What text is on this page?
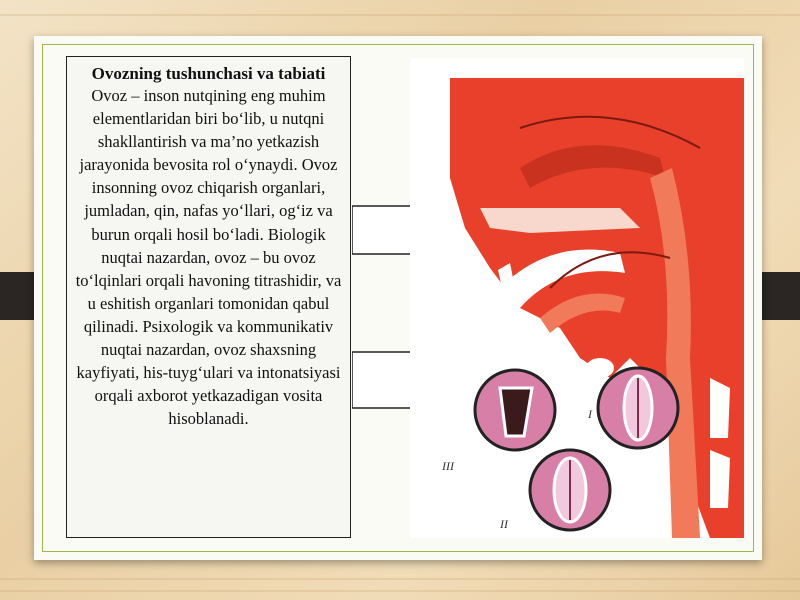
Ovozning tushunchasi va tabiati

Ovoz – inson nutqining eng muhim elementlaridan biri bo‘lib, u nutqni shakllantirish va ma’no yetkazish jarayonida bevosita rol o‘ynaydi. Ovoz insonning ovoz chiqarish organlari, jumladan, qin, nafas yo‘llari, og‘iz va burun orqali hosil bo‘ladi. Biologik nuqtai nazardan, ovoz – bu ovoz to‘lqinlari orqali havoning titrashidir, va u eshitish organlari tomonidan qabul qilinadi. Psixologik va kommunikativ nuqtai nazardan, ovoz shaxsning kayfiyati, his-tuyg‘ulari va intonatsiyasi orqali axborot yetkazadigan vosita hisoblanadi.

III
II
I
